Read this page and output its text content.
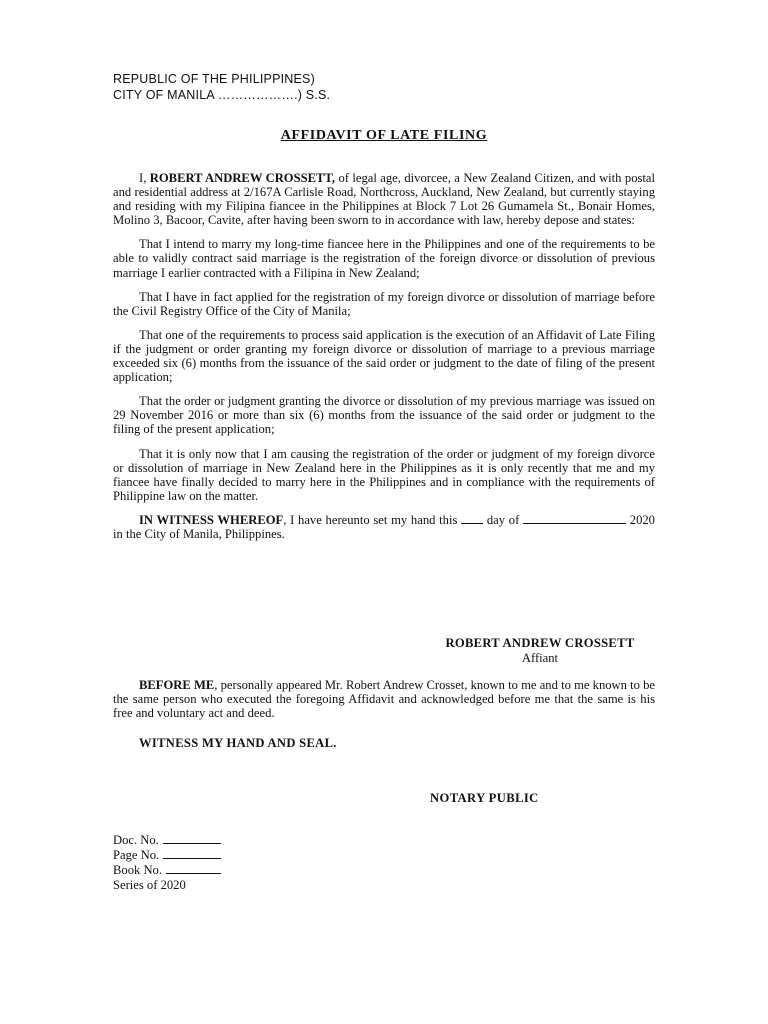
REPUBLIC OF THE PHILIPPINES)
CITY OF MANILA ……………….) S.S.
AFFIDAVIT OF LATE FILING

I, ROBERT ANDREW CROSSETT, of legal age, divorcee, a New Zealand Citizen, and with postal and residential address at 2/167A Carlisle Road, Northcross, Auckland, New Zealand, but currently staying and residing with my Filipina fiancee in the Philippines at Block 7 Lot 26 Gumamela St., Bonair Homes, Molino 3, Bacoor, Cavite, after having been sworn to in accordance with law, hereby depose and states:

That I intend to marry my long-time fiancee here in the Philippines and one of the requirements to be able to validly contract said marriage is the registration of the foreign divorce or dissolution of previous marriage I earlier contracted with a Filipina in New Zealand;

That I have in fact applied for the registration of my foreign divorce or dissolution of marriage before the Civil Registry Office of the City of Manila;

That one of the requirements to process said application is the execution of an Affidavit of Late Filing if the judgment or order granting my foreign divorce or dissolution of marriage to a previous marriage exceeded six (6) months from the issuance of the said order or judgment to the date of filing of the present application;

That the order or judgment granting the divorce or dissolution of my previous marriage was issued on 29 November 2016 or more than six (6) months from the issuance of the said order or judgment to the filing of the present application;

That it is only now that I am causing the registration of the order or judgment of my foreign divorce or dissolution of marriage in New Zealand here in the Philippines as it is only recently that me and my fiancee have finally decided to marry here in the Philippines and in compliance with the requirements of Philippine law on the matter.

IN WITNESS WHEREOF, I have hereunto set my hand this day of	2020 in the City of Manila, Philippines.

ROBERT ANDREW CROSSETT
Affiant

BEFORE ME, personally appeared Mr. Robert Andrew Crosset, known to me and to me known to be the same person who executed the foregoing Affidavit and acknowledged before me that the same is his free and voluntary act and deed.

WITNESS MY HAND AND SEAL.
NOTARY PUBLIC
Doc. No.
Page No.
Book No.
Series of 2020
